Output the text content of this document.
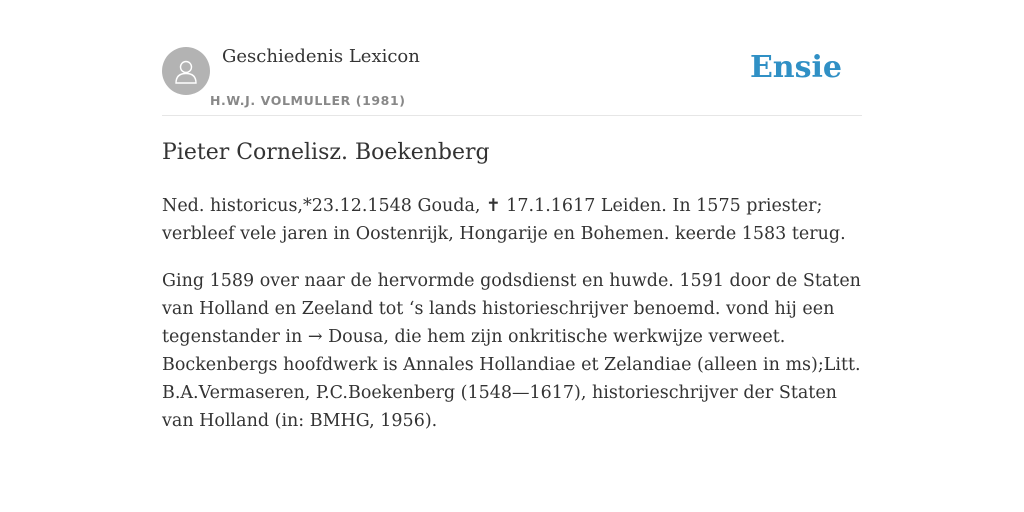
Geschiedenis Lexicon
H.W.J. VOLMULLER (1981)
Ensie
Pieter Cornelisz. Boekenberg

Ned. historicus,*23.12.1548 Gouda, ✝ 17.1.1617 Leiden. In 1575 priester; verbleef vele jaren in Oostenrijk, Hongarije en Bohemen. keerde 1583 terug.

Ging 1589 over naar de hervormde godsdienst en huwde. 1591 door de Staten van Holland en Zeeland tot ‘s lands historieschrijver benoemd. vond hij een tegenstander in → Dousa, die hem zijn onkritische werkwijze verweet. Bockenbergs hoofdwerk is Annales Hollandiae et Zelandiae (alleen in ms);Litt. B.A.Vermaseren, P.C.Boekenberg (1548—1617), historieschrijver der Staten van Holland (in: BMHG, 1956).
